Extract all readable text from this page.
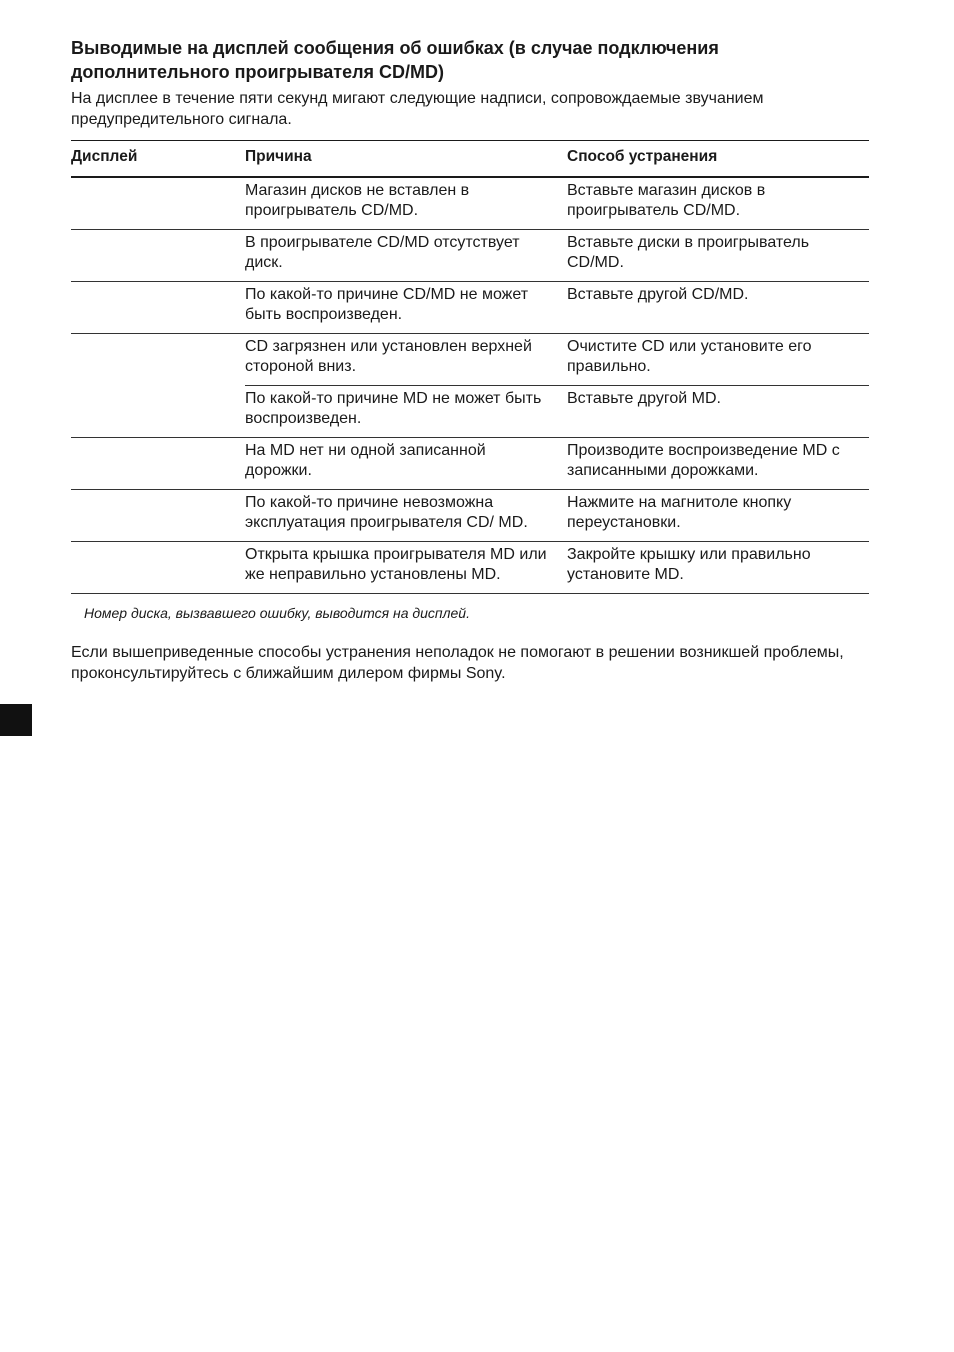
Выводимые на дисплей сообщения об ошибках (в случае подключения дополнительного проигрывателя CD/MD)

На дисплее в течение пяти секунд мигают следующие надписи, сопровождаемые звучанием предупредительного сигнала.

Дисплей	Причина	Способ устранения
	Магазин дисков не вставлен в проигрыватель CD/MD.	Вставьте магазин дисков в проигрыватель CD/MD.
	В проигрывателе CD/MD отсутствует диск.	Вставьте диски в проигрыватель CD/MD.
	По какой-то причине CD/MD не может быть воспроизведен.	Вставьте другой CD/MD.
	CD загрязнен или установлен верхней стороной вниз.	Очистите CD или установите его правильно.
	По какой-то причине MD не может быть воспроизведен.	Вставьте другой MD.
	На MD нет ни одной записанной дорожки.	Производите воспроизведение MD с записанными дорожками.
	По какой-то причине невозможна эксплуатация проигрывателя CD/ MD.	Нажмите на магнитоле кнопку переустановки.
	Открыта крышка проигрывателя MD или же неправильно установлены MD.	Закройте крышку или правильно установите MD.

Номер диска, вызвавшего ошибку, выводится на дисплей.

Если вышеприведенные способы устранения неполадок не помогают в решении возникшей проблемы, проконсультируйтесь с ближайшим дилером фирмы Sony.
